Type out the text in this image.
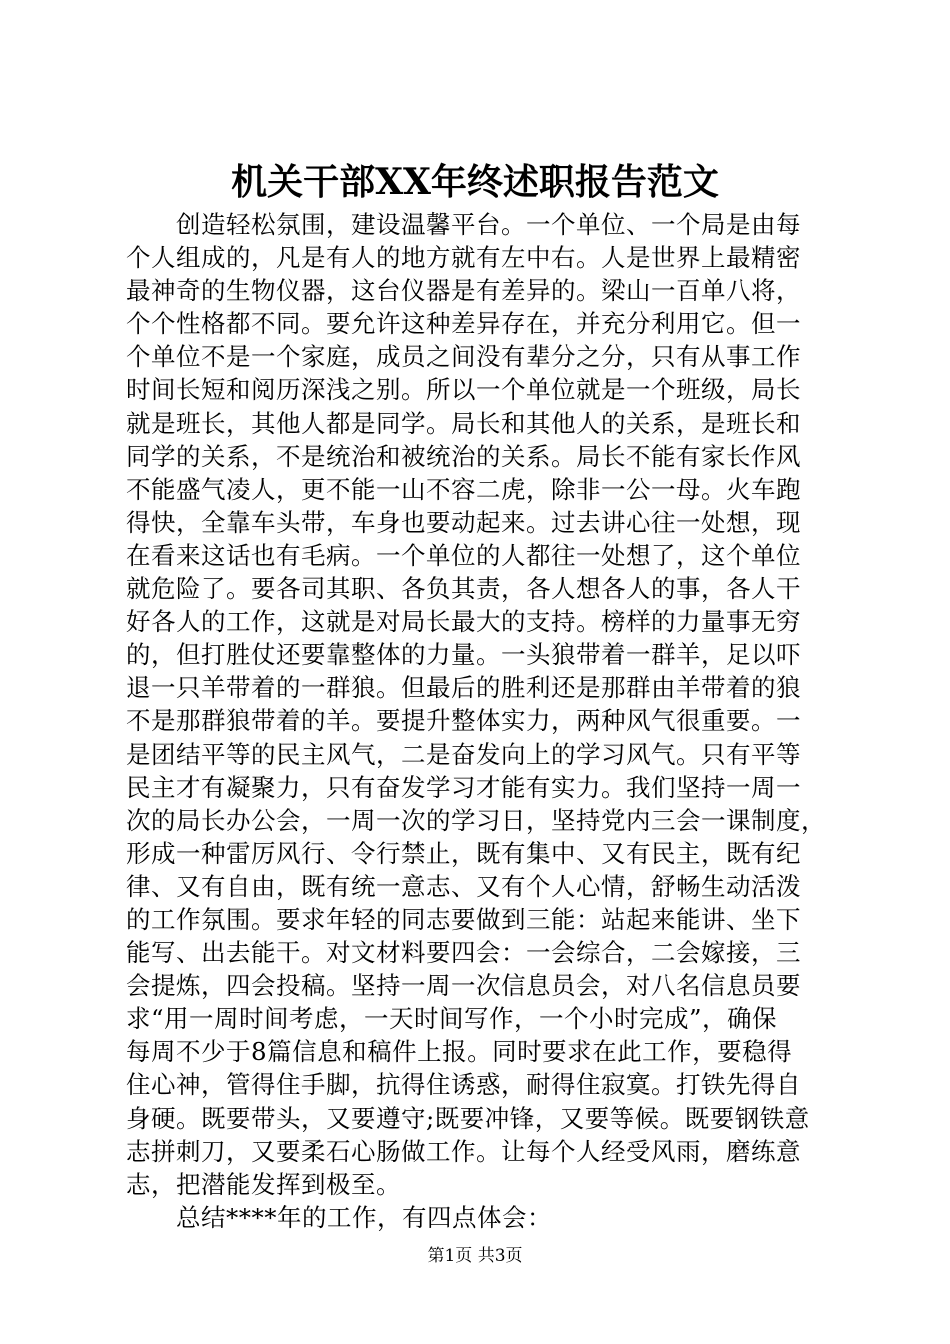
机关干部XX年终述职报告范文
　　创造轻松氛围，建设温馨平台。一个单位、一个局是由每
个人组成的，凡是有人的地方就有左中右。人是世界上最精密
最神奇的生物仪器，这台仪器是有差异的。梁山一百单八将，
个个性格都不同。要允许这种差异存在，并充分利用它。但一
个单位不是一个家庭，成员之间没有辈分之分，只有从事工作
时间长短和阅历深浅之别。所以一个单位就是一个班级，局长
就是班长，其他人都是同学。局长和其他人的关系，是班长和
同学的关系，不是统治和被统治的关系。局长不能有家长作风
不能盛气凌人，更不能一山不容二虎，除非一公一母。火车跑
得快，全靠车头带，车身也要动起来。过去讲心往一处想，现
在看来这话也有毛病。一个单位的人都往一处想了，这个单位
就危险了。要各司其职、各负其责，各人想各人的事，各人干
好各人的工作，这就是对局长最大的支持。榜样的力量事无穷
的，但打胜仗还要靠整体的力量。一头狼带着一群羊，足以吓
退一只羊带着的一群狼。但最后的胜利还是那群由羊带着的狼
不是那群狼带着的羊。要提升整体实力，两种风气很重要。一
是团结平等的民主风气，二是奋发向上的学习风气。只有平等
民主才有凝聚力，只有奋发学习才能有实力。我们坚持一周一
次的局长办公会，一周一次的学习日，坚持党内三会一课制度，
形成一种雷厉风行、令行禁止，既有集中、又有民主，既有纪
律、又有自由，既有统一意志、又有个人心情，舒畅生动活泼
的工作氛围。要求年轻的同志要做到三能：站起来能讲、坐下
能写、出去能干。对文材料要四会：一会综合，二会嫁接，三
会提炼，四会投稿。坚持一周一次信息员会，对八名信息员要
求“用一周时间考虑，一天时间写作，一个小时完成”，确保
每周不少于8篇信息和稿件上报。同时要求在此工作，要稳得
住心神，管得住手脚，抗得住诱惑，耐得住寂寞。打铁先得自
身硬。既要带头，又要遵守;既要冲锋，又要等候。既要钢铁意
志拼刺刀，又要柔石心肠做工作。让每个人经受风雨，磨练意
志，把潜能发挥到极至。
　　总结****年的工作，有四点体会：
第1页 共3页
